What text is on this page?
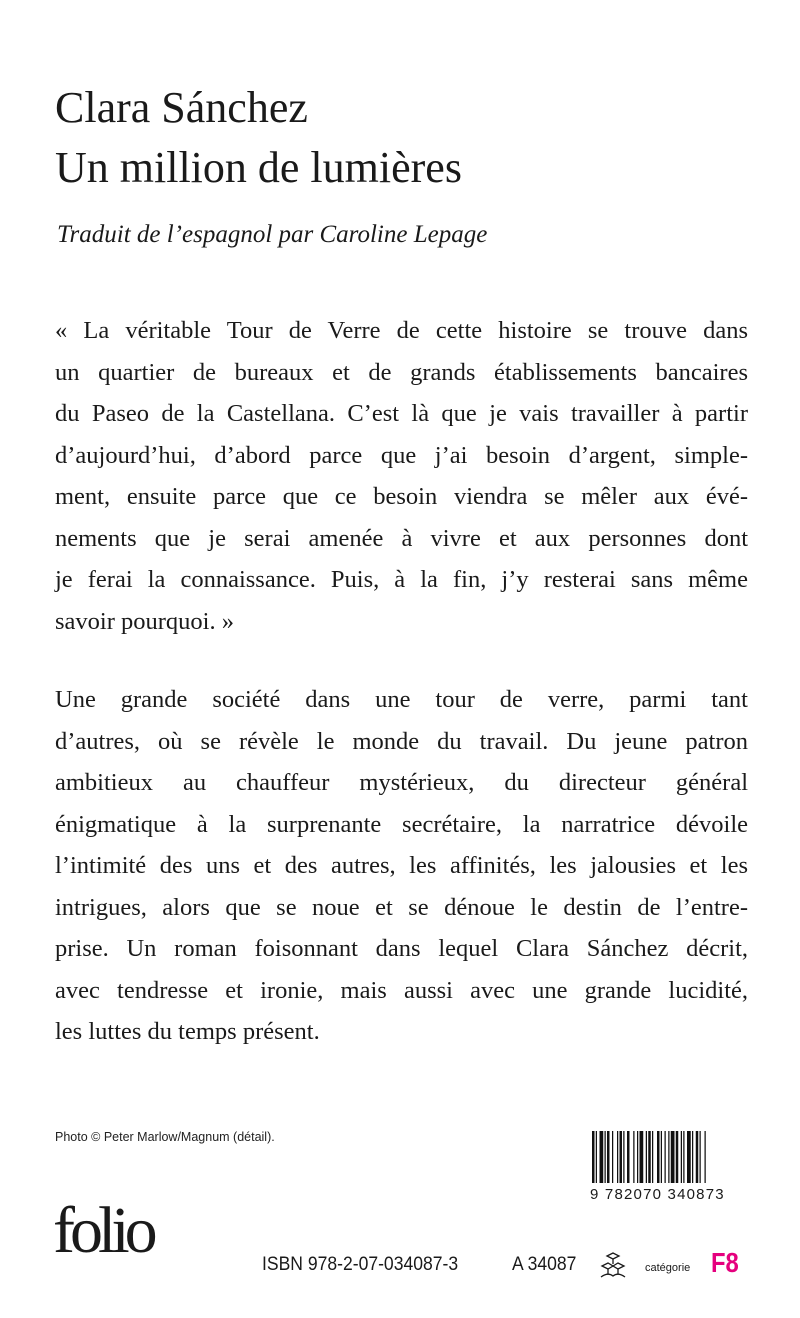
Clara Sánchez
Un million de lumières

Traduit de l’espagnol par Caroline Lepage

« La véritable Tour de Verre de cette histoire se trouve dans
un quartier de bureaux et de grands établissements bancaires
du Paseo de la Castellana. C’est là que je vais travailler à partir
d’aujourd’hui, d’abord parce que j’ai besoin d’argent, simple-
ment, ensuite parce que ce besoin viendra se mêler aux évé-
nements que je serai amenée à vivre et aux personnes dont
je ferai la connaissance. Puis, à la fin, j’y resterai sans même
savoir pourquoi. »
Une grande société dans une tour de verre, parmi tant
d’autres, où se révèle le monde du travail. Du jeune patron
ambitieux au chauffeur mystérieux, du directeur général
énigmatique à la surprenante secrétaire, la narratrice dévoile
l’intimité des uns et des autres, les affinités, les jalousies et les
intrigues, alors que se noue et se dénoue le destin de l’entre-
prise. Un roman foisonnant dans lequel Clara Sánchez décrit,
avec tendresse et ironie, mais aussi avec une grande lucidité,
les luttes du temps présent.

Photo © Peter Marlow/Magnum (détail).

9 782070 340873
folio	ISBN 978-2-07-034087-3	A 34087	catégorie F8
